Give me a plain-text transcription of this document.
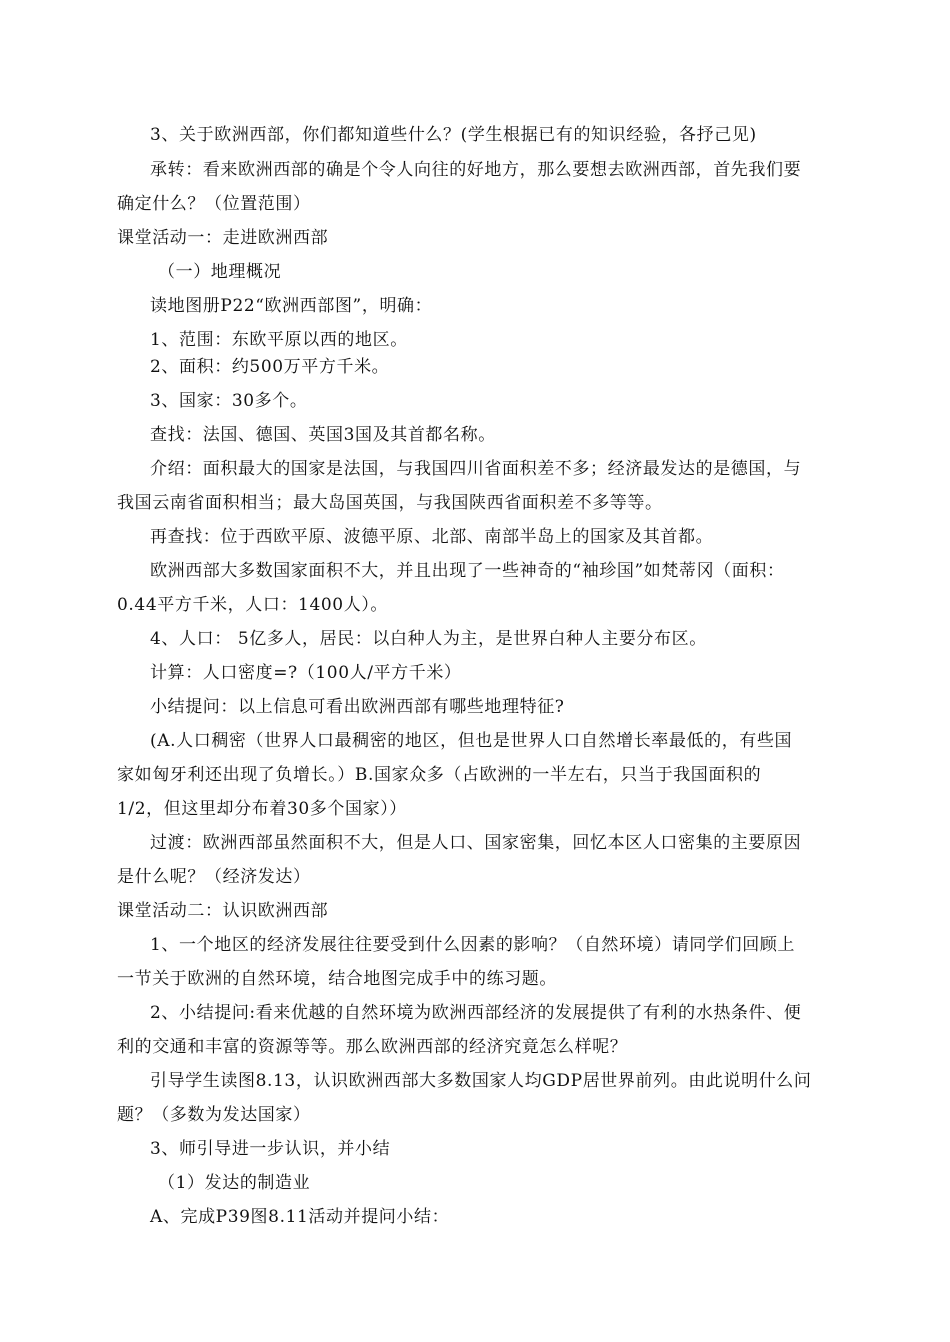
3、关于欧洲西部，你们都知道些什么？(学生根据已有的知识经验，各抒己见)
承转：看来欧洲西部的确是个令人向往的好地方，那么要想去欧洲西部，首先我们要
确定什么？（位置范围）
课堂活动一：走进欧洲西部
（一）地理概况
读地图册P22“欧洲西部图”，明确：
1、范围：东欧平原以西的地区。
2、面积：约500万平方千米。
3、国家：30多个。
查找：法国、德国、英国3国及其首都名称。
介绍：面积最大的国家是法国，与我国四川省面积差不多；经济最发达的是德国，与
我国云南省面积相当；最大岛国英国，与我国陕西省面积差不多等等。
再查找：位于西欧平原、波德平原、北部、南部半岛上的国家及其首都。
欧洲西部大多数国家面积不大，并且出现了一些神奇的“袖珍国”如梵蒂冈（面积：
0.44平方千米，人口：1400人）。
4、人口： 5亿多人，居民：以白种人为主，是世界白种人主要分布区。
计算：人口密度=?（100人/平方千米）
小结提问：以上信息可看出欧洲西部有哪些地理特征?
(A.人口稠密（世界人口最稠密的地区，但也是世界人口自然增长率最低的，有些国
家如匈牙利还出现了负增长。）B.国家众多（占欧洲的一半左右，只当于我国面积的
1/2，但这里却分布着30多个国家））
过渡：欧洲西部虽然面积不大，但是人口、国家密集，回忆本区人口密集的主要原因
是什么呢？（经济发达）
课堂活动二：认识欧洲西部
1、一个地区的经济发展往往要受到什么因素的影响？（自然环境）请同学们回顾上
一节关于欧洲的自然环境，结合地图完成手中的练习题。
2、小结提问:看来优越的自然环境为欧洲西部经济的发展提供了有利的水热条件、便
利的交通和丰富的资源等等。那么欧洲西部的经济究竟怎么样呢？
引导学生读图8.13，认识欧洲西部大多数国家人均GDP居世界前列。由此说明什么问
题？（多数为发达国家）
3、师引导进一步认识，并小结
（1）发达的制造业
A、完成P39图8.11活动并提问小结：
